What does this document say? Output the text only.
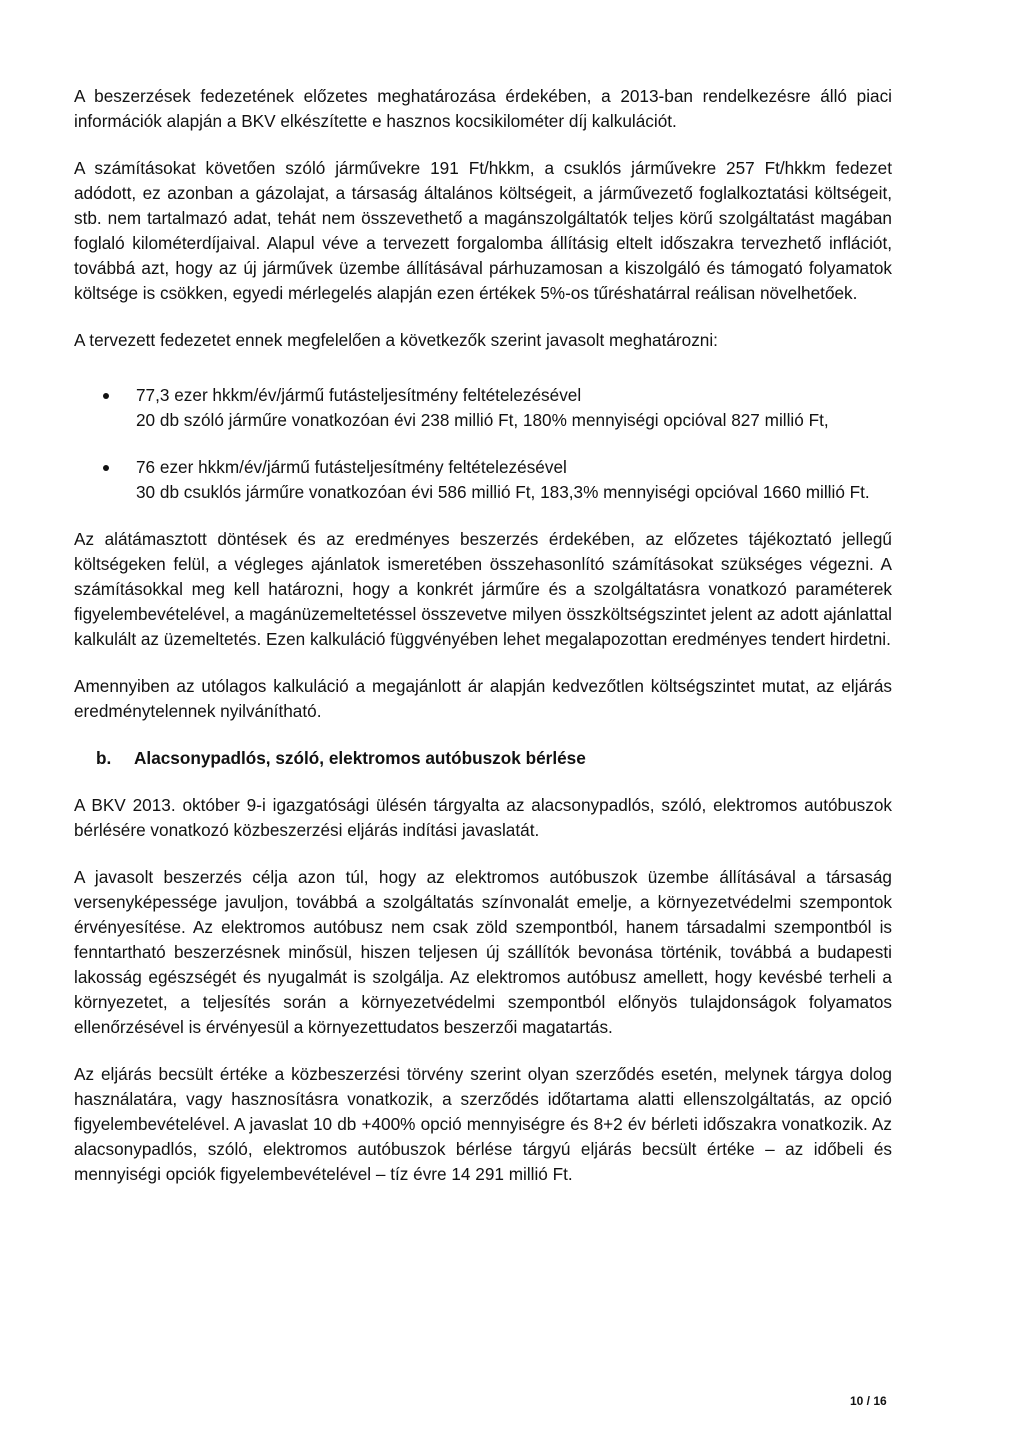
A beszerzések fedezetének előzetes meghatározása érdekében, a 2013-ban rendelkezésre álló piaci információk alapján a BKV elkészítette e hasznos kocsikilométer díj kalkulációt.

A számításokat követően szóló járművekre 191 Ft/hkkm, a csuklós járművekre 257 Ft/hkkm fedezet adódott, ez azonban a gázolajat, a társaság általános költségeit, a járművezető foglalkoztatási költségeit, stb. nem tartalmazó adat, tehát nem összevethető a magánszolgáltatók teljes körű szolgáltatást magában foglaló kilométerdíjaival. Alapul véve a tervezett forgalomba állításig eltelt időszakra tervezhető inflációt, továbbá azt, hogy az új járművek üzembe állításával párhuzamosan a kiszolgáló és támogató folyamatok költsége is csökken, egyedi mérlegelés alapján ezen értékek 5%-os tűréshatárral reálisan növelhetőek.

A tervezett fedezetet ennek megfelelően a következők szerint javasolt meghatározni:

77,3 ezer hkkm/év/jármű futásteljesítmény feltételezésével
20 db szóló járműre vonatkozóan évi 238 millió Ft, 180% mennyiségi opcióval 827 millió Ft,
76 ezer hkkm/év/jármű futásteljesítmény feltételezésével
30 db csuklós járműre vonatkozóan évi 586 millió Ft, 183,3% mennyiségi opcióval 1660 millió Ft.

Az alátámasztott döntések és az eredményes beszerzés érdekében, az előzetes tájékoztató jellegű költségeken felül, a végleges ajánlatok ismeretében összehasonlító számításokat szükséges végezni. A számításokkal meg kell határozni, hogy a konkrét járműre és a szolgáltatásra vonatkozó paraméterek figyelembevételével, a magánüzemeltetéssel összevetve milyen összköltségszintet jelent az adott ajánlattal kalkulált az üzemeltetés. Ezen kalkuláció függvényében lehet megalapozottan eredményes tendert hirdetni.

Amennyiben az utólagos kalkuláció a megajánlott ár alapján kedvezőtlen költségszintet mutat, az eljárás eredménytelennek nyilvánítható.

b. Alacsonypadlós, szóló, elektromos autóbuszok bérlése

A BKV 2013. október 9-i igazgatósági ülésén tárgyalta az alacsonypadlós, szóló, elektromos autóbuszok bérlésére vonatkozó közbeszerzési eljárás indítási javaslatát.

A javasolt beszerzés célja azon túl, hogy az elektromos autóbuszok üzembe állításával a társaság versenyképessége javuljon, továbbá a szolgáltatás színvonalát emelje, a környezetvédelmi szempontok érvényesítése. Az elektromos autóbusz nem csak zöld szempontból, hanem társadalmi szempontból is fenntartható beszerzésnek minősül, hiszen teljesen új szállítók bevonása történik, továbbá a budapesti lakosság egészségét és nyugalmát is szolgálja. Az elektromos autóbusz amellett, hogy kevésbé terheli a környezetet, a teljesítés során a környezetvédelmi szempontból előnyös tulajdonságok folyamatos ellenőrzésével is érvényesül a környezettudatos beszerzői magatartás.

Az eljárás becsült értéke a közbeszerzési törvény szerint olyan szerződés esetén, melynek tárgya dolog használatára, vagy hasznosításra vonatkozik, a szerződés időtartama alatti ellenszolgáltatás, az opció figyelembevételével. A javaslat 10 db +400% opció mennyiségre és 8+2 év bérleti időszakra vonatkozik. Az alacsonypadlós, szóló, elektromos autóbuszok bérlése tárgyú eljárás becsült értéke – az időbeli és mennyiségi opciók figyelembevételével – tíz évre 14 291 millió Ft.

10 / 16
